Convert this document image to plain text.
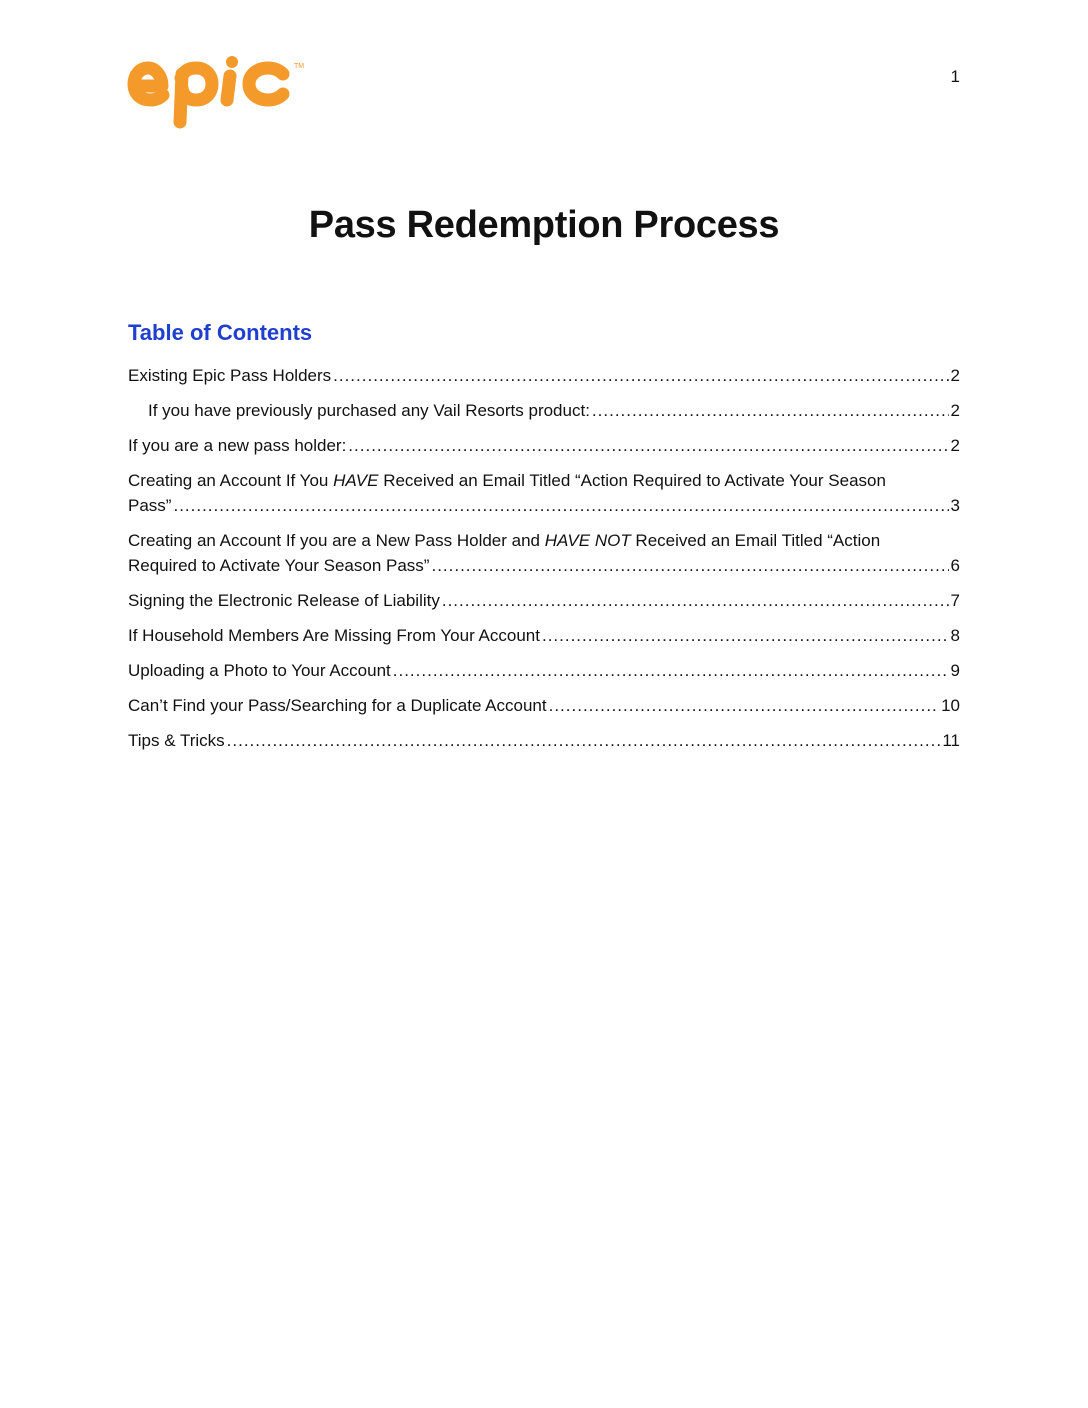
TM
1
Pass Redemption Process
Table of Contents
Existing Epic Pass Holders .....	2
If you have previously purchased any Vail Resorts product: .....	2
If you are a new pass holder: .....	2
Creating an Account If You HAVE Received an Email Titled “Action Required to Activate Your Season
Pass” .....	3
Creating an Account If you are a New Pass Holder and HAVE NOT Received an Email Titled “Action
Required to Activate Your Season Pass” .....	6
Signing the Electronic Release of Liability .....	7
If Household Members Are Missing From Your Account .....	8
Uploading a Photo to Your Account .....	9
Can’t Find your Pass/Searching for a Duplicate Account .....	10
Tips & Tricks .....	11
